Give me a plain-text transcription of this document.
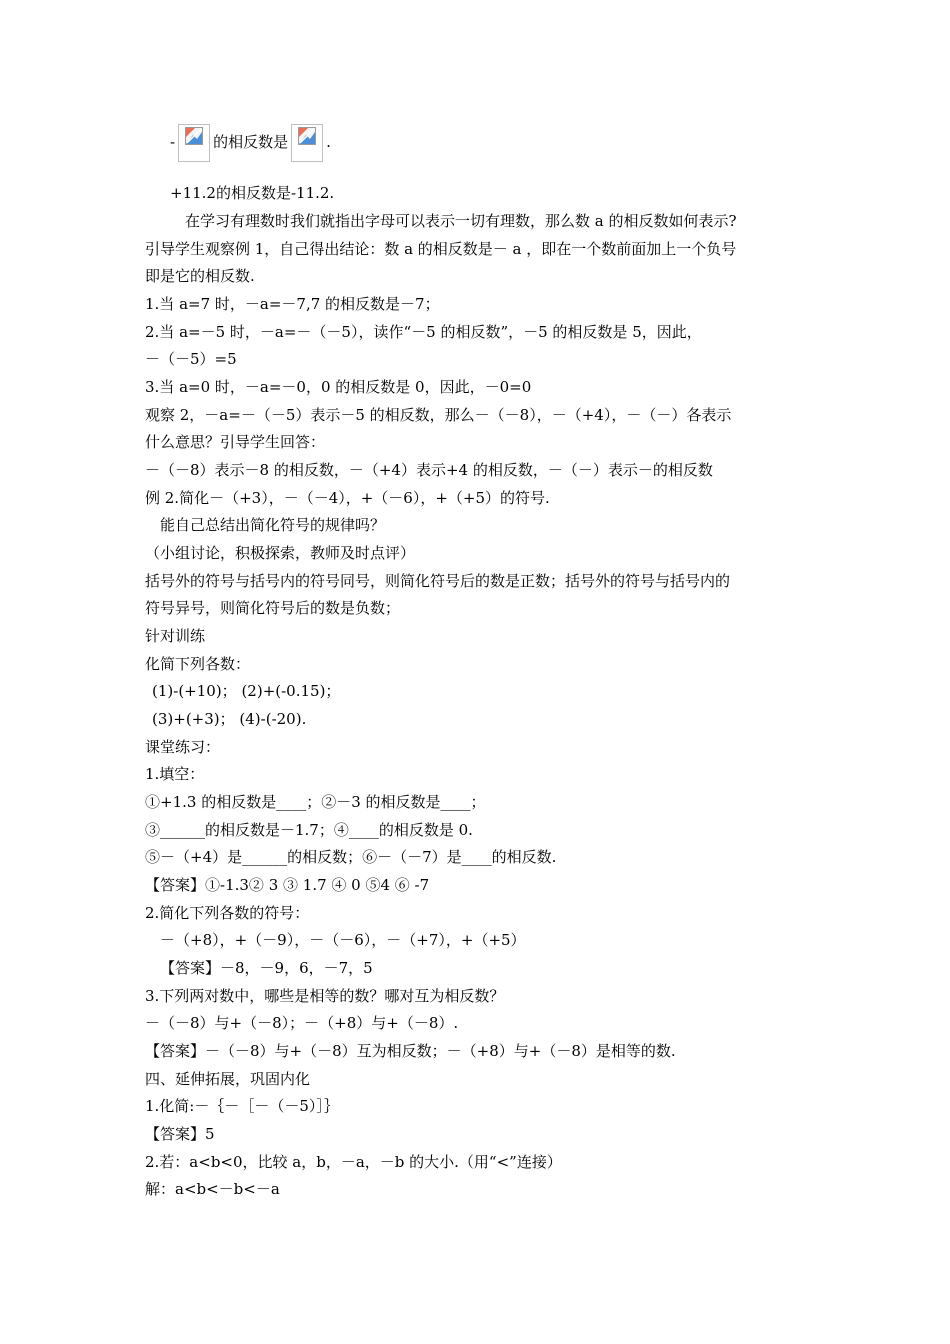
-	的相反数是	.
+11.2的相反数是-11.2.
在学习有理数时我们就指出字母可以表示一切有理数，那么数 a 的相反数如何表示?
引导学生观察例 1，自己得出结论：数 a 的相反数是－ a ，即在一个数前面加上一个负号
即是它的相反数.
1.当 a=7 时，－a=－7,7 的相反数是－7；
2.当 a=－5 时，－a=－（－5），读作“－5 的相反数”，－5 的相反数是 5，因此，
－（－5）=5
3.当 a=0 时，－a=－0，0 的相反数是 0，因此，－0=0
观察 2，－a=－（－5）表示－5 的相反数，那么－（－8），－（+4），－（－）各表示
什么意思？引导学生回答：
－（－8）表示－8 的相反数，－（+4）表示+4 的相反数，－（－）表示－的相反数
例 2.简化－（+3），－（－4），+（－6），+（+5）的符号.
能自己总结出简化符号的规律吗？
（小组讨论，积极探索，教师及时点评）
括号外的符号与括号内的符号同号，则简化符号后的数是正数；括号外的符号与括号内的
符号异号，则简化符号后的数是负数；
针对训练
化简下列各数：
(1)-(+10)； (2)+(-0.15)；
(3)+(+3)； (4)-(-20).
课堂练习：
1.填空：
①+1.3 的相反数是____；②－3 的相反数是____；
③______的相反数是－1.7；④____的相反数是 0.
⑤－（+4）是______的相反数；⑥－（－7）是____的相反数.
【答案】①-1.3② 3 ③ 1.7 ④ 0 ⑤4 ⑥ -7
2.简化下列各数的符号：
－（+8），+（－9），－（－6），－（+7），+（+5）
【答案】－8，－9，6，－7，5
3.下列两对数中，哪些是相等的数？哪对互为相反数？
－（－8）与+（－8）；－（+8）与+（－8）.
【答案】－（－8）与+（－8）互为相反数；－（+8）与+（－8）是相等的数.
四、延伸拓展，巩固内化
1.化简:－｛－［－（－5）］｝
【答案】5
2.若：a<b<0，比较 a，b，－a，－b 的大小.（用“<”连接）
解：a<b<－b<－a
